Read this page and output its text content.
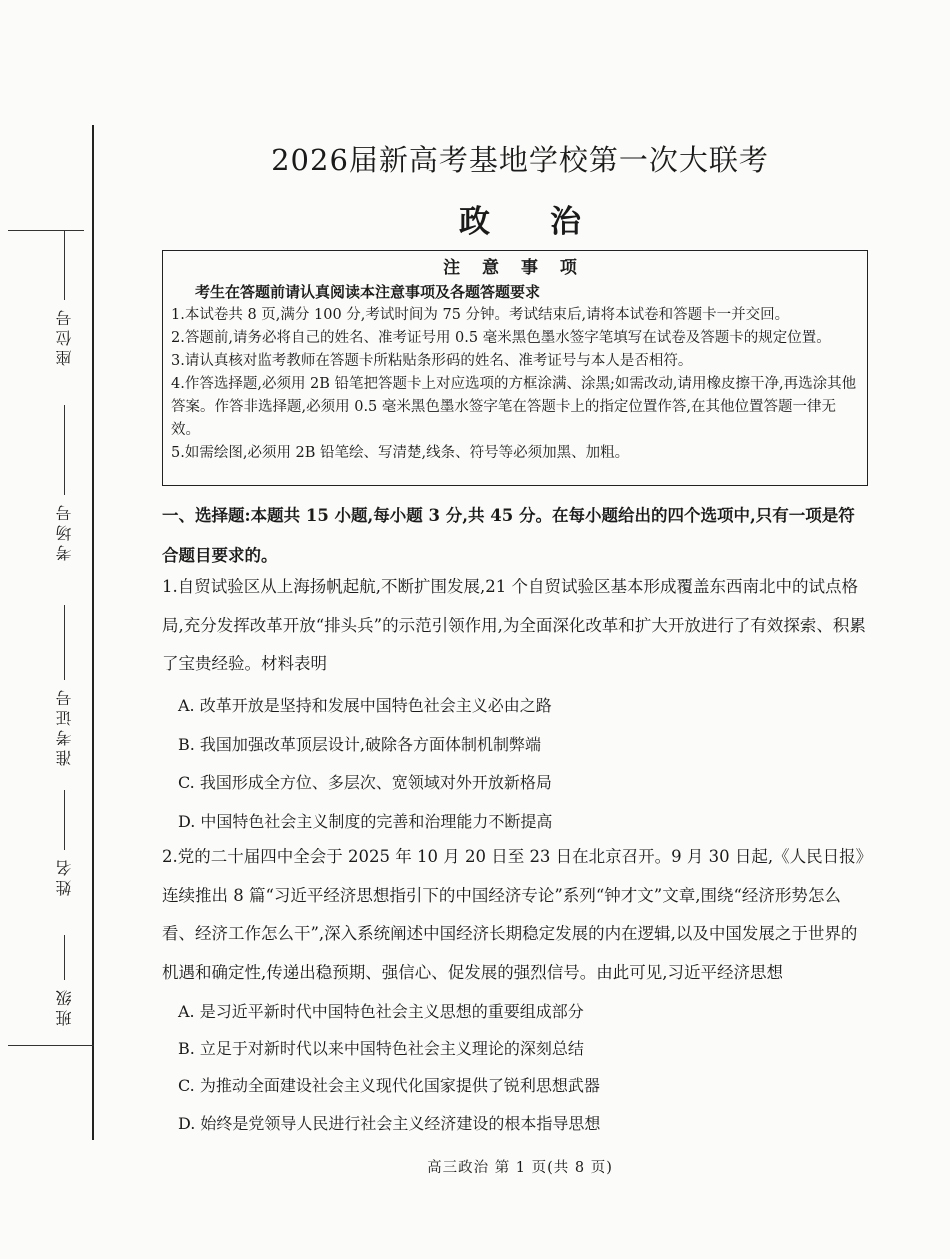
座位号
考场号
准考证号
姓名
班级
2026届新高考基地学校第一次大联考
政治
注 意 事 项
考生在答题前请认真阅读本注意事项及各题答题要求
1.本试卷共 8 页,满分 100 分,考试时间为 75 分钟。考试结束后,请将本试卷和答题卡一并交回。
2.答题前,请务必将自己的姓名、准考证号用 0.5 毫米黑色墨水签字笔填写在试卷及答题卡的规定位置。
3.请认真核对监考教师在答题卡所粘贴条形码的姓名、准考证号与本人是否相符。
4.作答选择题,必须用 2B 铅笔把答题卡上对应选项的方框涂满、涂黑;如需改动,请用橡皮擦干净,再选涂其他答案。作答非选择题,必须用 0.5 毫米黑色墨水签字笔在答题卡上的指定位置作答,在其他位置答题一律无效。
5.如需绘图,必须用 2B 铅笔绘、写清楚,线条、符号等必须加黑、加粗。
一、选择题:本题共 15 小题,每小题 3 分,共 45 分。在每小题给出的四个选项中,只有一项是符合题目要求的。
1.自贸试验区从上海扬帆起航,不断扩围发展,21 个自贸试验区基本形成覆盖东西南北中的试点格局,充分发挥改革开放“排头兵”的示范引领作用,为全面深化改革和扩大开放进行了有效探索、积累了宝贵经验。材料表明
A. 改革开放是坚持和发展中国特色社会主义必由之路
B. 我国加强改革顶层设计,破除各方面体制机制弊端
C. 我国形成全方位、多层次、宽领域对外开放新格局
D. 中国特色社会主义制度的完善和治理能力不断提高
2.党的二十届四中全会于 2025 年 10 月 20 日至 23 日在北京召开。9 月 30 日起,《人民日报》连续推出 8 篇“习近平经济思想指引下的中国经济专论”系列“钟才文”文章,围绕“经济形势怎么看、经济工作怎么干”,深入系统阐述中国经济长期稳定发展的内在逻辑,以及中国发展之于世界的机遇和确定性,传递出稳预期、强信心、促发展的强烈信号。由此可见,习近平经济思想
A. 是习近平新时代中国特色社会主义思想的重要组成部分
B. 立足于对新时代以来中国特色社会主义理论的深刻总结
C. 为推动全面建设社会主义现代化国家提供了锐利思想武器
D. 始终是党领导人民进行社会主义经济建设的根本指导思想
高三政治 第 1 页(共 8 页)
